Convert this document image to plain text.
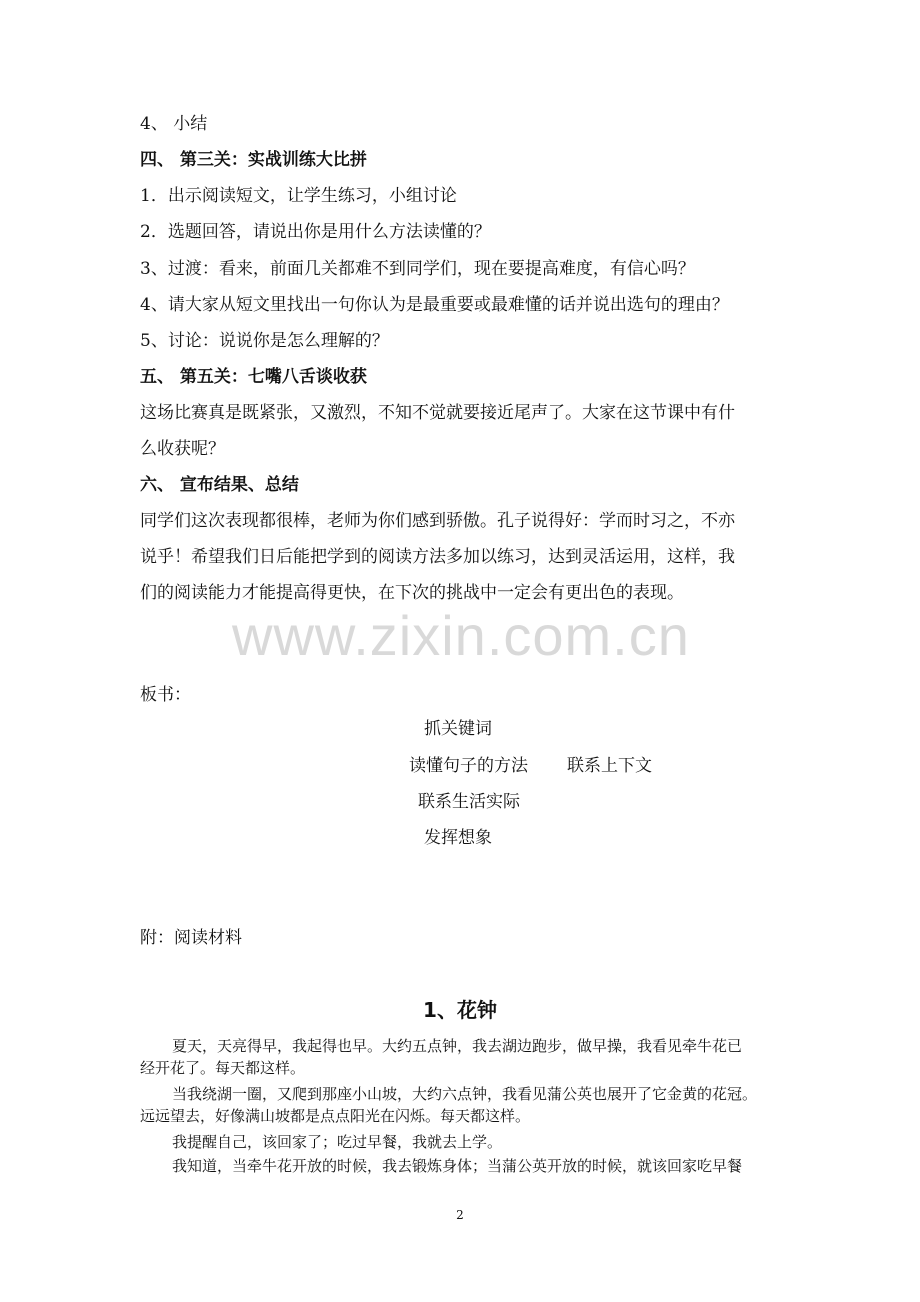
4、 小结
四、 第三关：实战训练大比拼
1．出示阅读短文，让学生练习，小组讨论
2．选题回答，请说出你是用什么方法读懂的？
3、过渡：看来，前面几关都难不到同学们，现在要提高难度，有信心吗？
4、请大家从短文里找出一句你认为是最重要或最难懂的话并说出选句的理由？
5、讨论：说说你是怎么理解的？
五、 第五关：七嘴八舌谈收获
这场比赛真是既紧张，又激烈，不知不觉就要接近尾声了。大家在这节课中有什
么收获呢？
六、 宣布结果、总结
同学们这次表现都很棒，老师为你们感到骄傲。孔子说得好：学而时习之，不亦
说乎！希望我们日后能把学到的阅读方法多加以练习，达到灵活运用，这样，我
们的阅读能力才能提高得更快，在下次的挑战中一定会有更出色的表现。
www.zixin.com.cn
板书：
抓关键词
读懂句子的方法 联系上下文
联系生活实际
发挥想象
附：阅读材料
1、花钟
夏天，天亮得早，我起得也早。大约五点钟，我去湖边跑步，做早操，我看见牵牛花已
经开花了。每天都这样。
当我绕湖一圈，又爬到那座小山坡，大约六点钟，我看见蒲公英也展开了它金黄的花冠。
远远望去，好像满山坡都是点点阳光在闪烁。每天都这样。
我提醒自己，该回家了；吃过早餐，我就去上学。
我知道，当牵牛花开放的时候，我去锻炼身体；当蒲公英开放的时候，就该回家吃早餐
2
